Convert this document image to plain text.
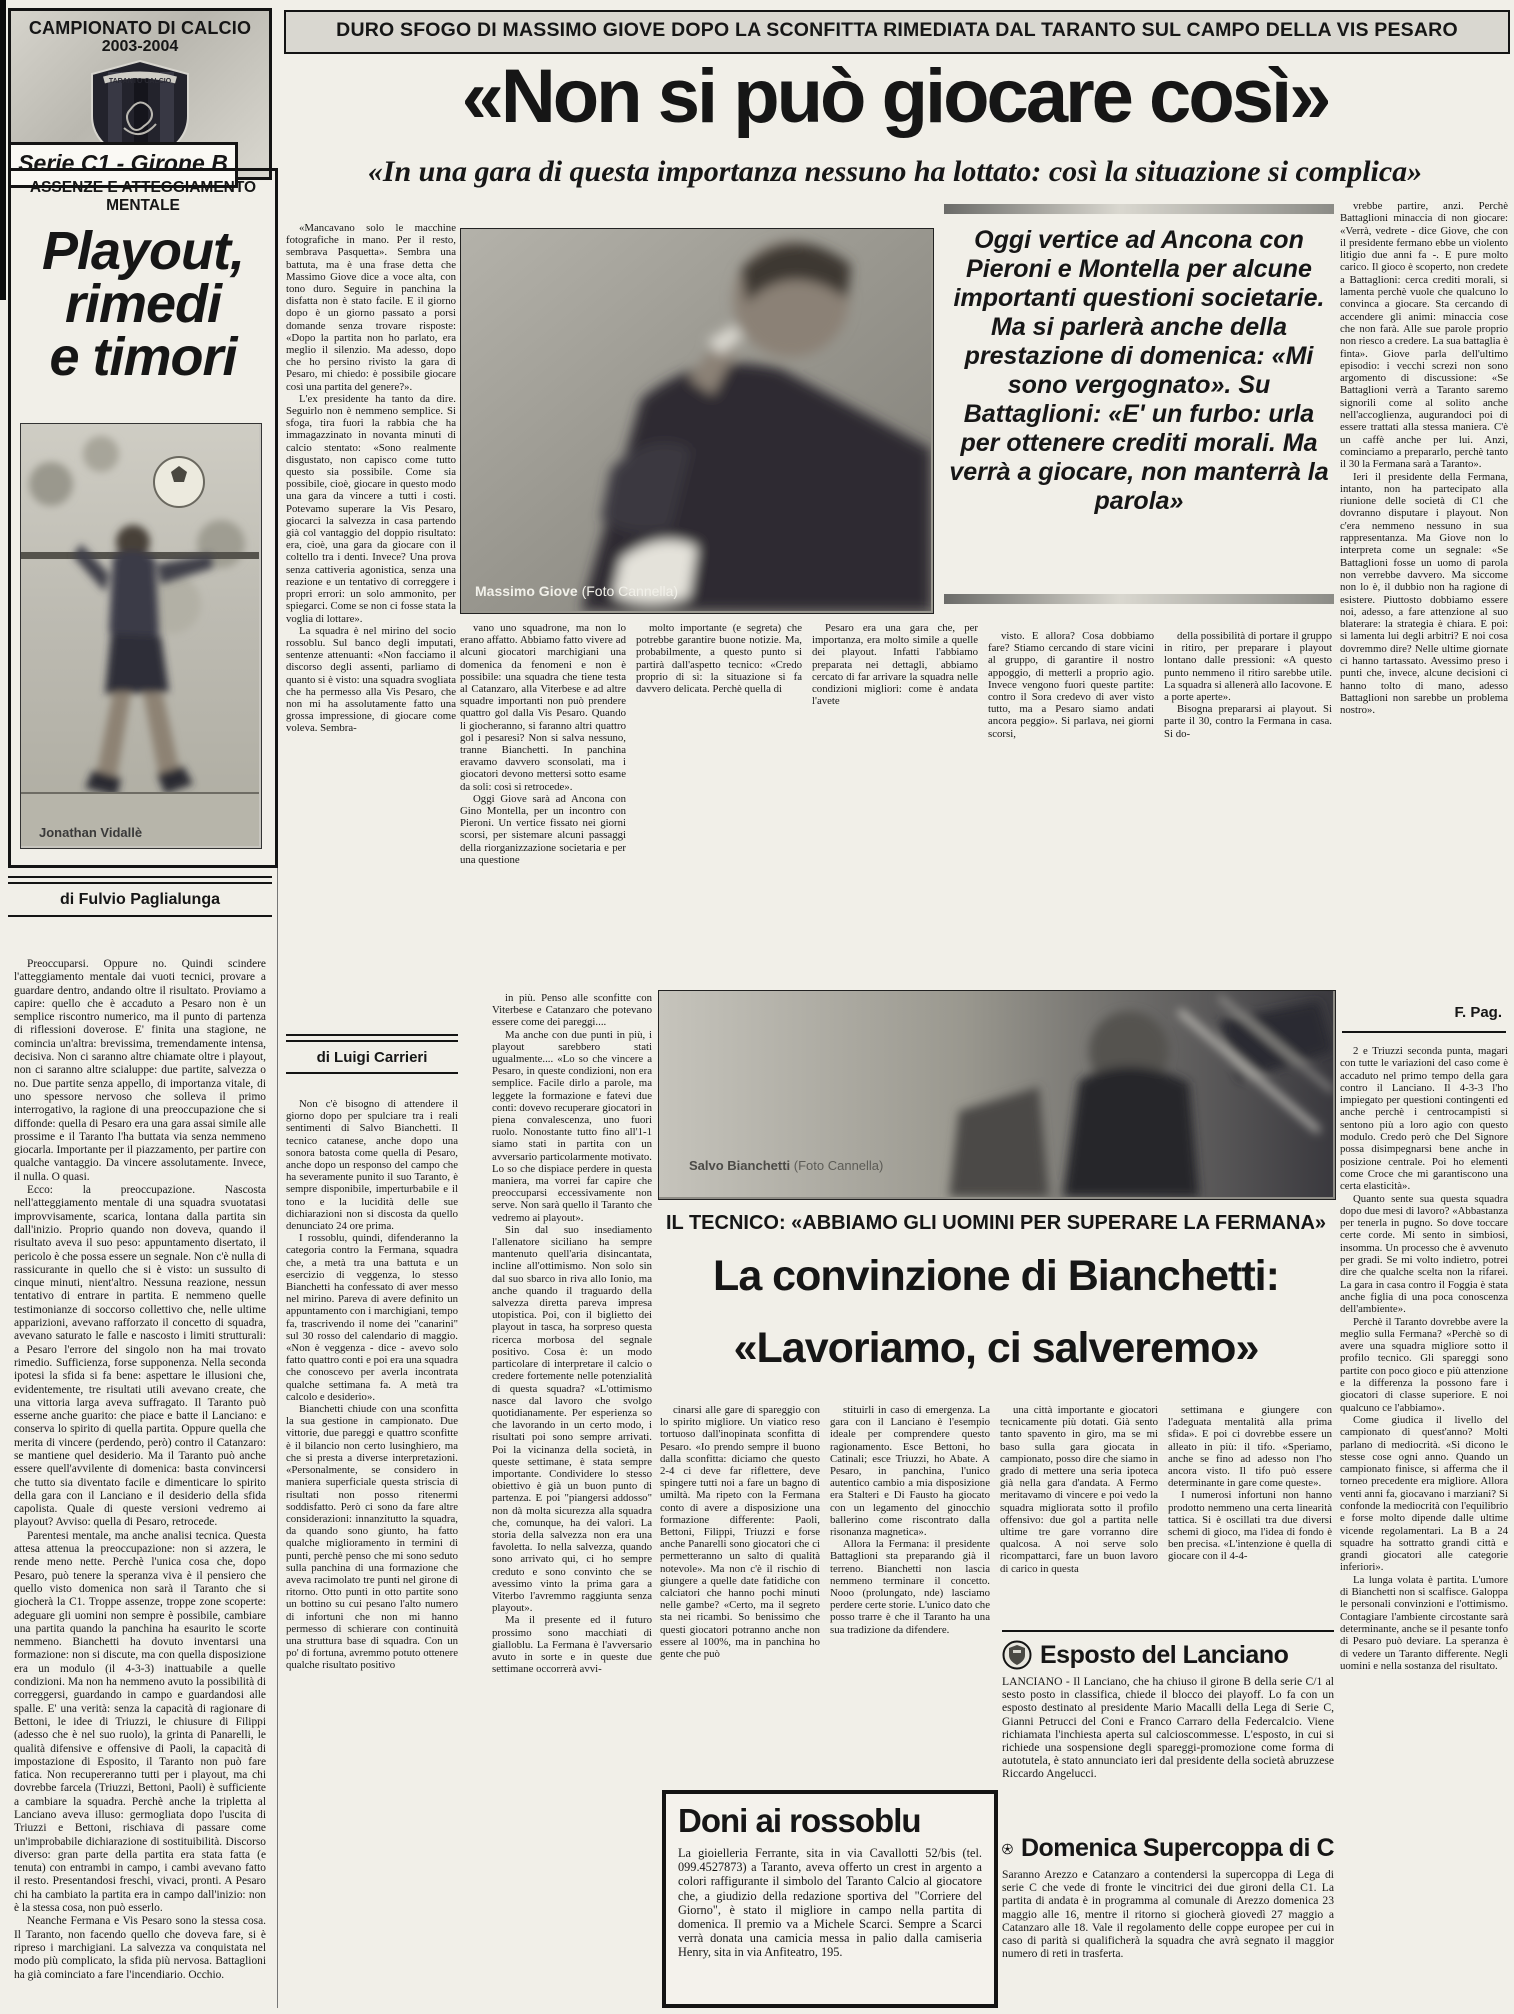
CAMPIONATO DI CALCIO
2003-2004
TARANTO CALCIO
Serie C1 - Girone B
DURO SFOGO DI MASSIMO GIOVE DOPO LA SCONFITTA RIMEDIATA DAL TARANTO SUL CAMPO DELLA VIS PESARO
«Non si può giocare così»
«In una gara di questa importanza nessuno ha lottato: così la situazione si complica»
ASSENZE E ATTEGGIAMENTO MENTALE

Playout,

rimedi

e timori

Jonathan Vidallè
di Fulvio Paglialunga

Preoccuparsi. Oppure no. Quindi scindere l'atteggiamento mentale dai vuoti tecnici, provare a guardare dentro, andando oltre il risultato. Proviamo a capire: quello che è accaduto a Pesaro non è un semplice riscontro numerico, ma il punto di partenza di riflessioni doverose. E' finita una stagione, ne comincia un'altra: brevissima, tremendamente intensa, decisiva. Non ci saranno altre chiamate oltre i playout, non ci saranno altre scialuppe: due partite, salvezza o no. Due partite senza appello, di importanza vitale, di uno spessore nervoso che solleva il primo interrogativo, la ragione di una preoccupazione che si diffonde: quella di Pesaro era una gara assai simile alle prossime e il Taranto l'ha buttata via senza nemmeno giocarla. Importante per il piazzamento, per partire con qualche vantaggio. Da vincere assolutamente. Invece, il nulla. O quasi.

Ecco: la preoccupazione. Nascosta nell'atteggiamento mentale di una squadra svuotatasi improvvisamente, scarica, lontana dalla partita sin dall'inizio. Proprio quando non doveva, quando il risultato aveva il suo peso: appuntamento disertato, il pericolo è che possa essere un segnale. Non c'è nulla di rassicurante in quello che si è visto: un sussulto di cinque minuti, nient'altro. Nessuna reazione, nessun tentativo di entrare in partita. E nemmeno quelle testimonianze di soccorso collettivo che, nelle ultime apparizioni, avevano rafforzato il concetto di squadra, avevano saturato le falle e nascosto i limiti strutturali: a Pesaro l'errore del singolo non ha mai trovato rimedio. Sufficienza, forse supponenza. Nella seconda ipotesi la sfida si fa bene: aspettare le illusioni che, evidentemente, tre risultati utili avevano create, che una vittoria larga aveva suffragato. Il Taranto può esserne anche guarito: che piace e batte il Lanciano: e conserva lo spirito di quella partita. Oppure quella che merita di vincere (perdendo, però) contro il Catanzaro: se mantiene quel desiderio. Ma il Taranto può anche essere quell'avvilente di domenica: basta convincersi che tutto sia diventato facile e dimenticare lo spirito della gara con il Lanciano e il desiderio della sfida capolista. Quale di queste versioni vedremo ai playout? Avviso: quella di Pesaro, retrocede.

Parentesi mentale, ma anche analisi tecnica. Questa attesa attenua la preoccupazione: non si azzera, le rende meno nette. Perchè l'unica cosa che, dopo Pesaro, può tenere la speranza viva è il pensiero che quello visto domenica non sarà il Taranto che si giocherà la C1. Troppe assenze, troppe zone scoperte: adeguare gli uomini non sempre è possibile, cambiare una partita quando la panchina ha esaurito le scorte nemmeno. Bianchetti ha dovuto inventarsi una formazione: non si discute, ma con quella disposizione era un modulo (il 4-3-3) inattuabile a quelle condizioni. Ma non ha nemmeno avuto la possibilità di correggersi, guardando in campo e guardandosi alle spalle. E' una verità: senza la capacità di ragionare di Bettoni, le idee di Triuzzi, le chiusure di Filippi (adesso che è nel suo ruolo), la grinta di Panarelli, le qualità difensive e offensive di Paoli, la capacità di impostazione di Esposito, il Taranto non può fare fatica. Non recupereranno tutti per i playout, ma chi dovrebbe farcela (Triuzzi, Bettoni, Paoli) è sufficiente a cambiare la squadra. Perchè anche la tripletta al Lanciano aveva illuso: germogliata dopo l'uscita di Triuzzi e Bettoni, rischiava di passare come un'improbabile dichiarazione di sostituibilità. Discorso diverso: gran parte della partita era stata fatta (e tenuta) con entrambi in campo, i cambi avevano fatto il resto. Presentandosi freschi, vivaci, pronti. A Pesaro chi ha cambiato la partita era in campo dall'inizio: non è la stessa cosa, non può esserlo.

Neanche Fermana e Vis Pesaro sono la stessa cosa. Il Taranto, non facendo quello che doveva fare, si è ripreso i marchigiani. La salvezza va conquistata nel modo più complicato, la sfida più nervosa. Battaglioni ha già cominciato a fare l'incendiario. Occhio.

«Mancavano solo le macchine fotografiche in mano. Per il resto, sembrava Pasquetta». Sembra una battuta, ma è una frase detta che Massimo Giove dice a voce alta, con tono duro. Seguire in panchina la disfatta non è stato facile. E il giorno dopo è un giorno passato a porsi domande senza trovare risposte: «Dopo la partita non ho parlato, era meglio il silenzio. Ma adesso, dopo che ho persino rivisto la gara di Pesaro, mi chiedo: è possibile giocare così una partita del genere?».

L'ex presidente ha tanto da dire. Seguirlo non è nemmeno semplice. Si sfoga, tira fuori la rabbia che ha immagazzinato in novanta minuti di calcio stentato: «Sono realmente disgustato, non capisco come tutto questo sia possibile. Come sia possibile, cioè, giocare in questo modo una gara da vincere a tutti i costi. Potevamo superare la Vis Pesaro, giocarci la salvezza in casa partendo già col vantaggio del doppio risultato: era, cioè, una gara da giocare con il coltello tra i denti. Invece? Una prova senza cattiveria agonistica, senza una reazione e un tentativo di correggere i propri errori: un solo ammonito, per spiegarci. Come se non ci fosse stata la voglia di lottare».

La squadra è nel mirino del socio rossoblu. Sul banco degli imputati, sentenze attenuanti: «Non facciamo il discorso degli assenti, parliamo di quanto si è visto: una squadra svogliata che ha permesso alla Vis Pesaro, che non mi ha assolutamente fatto una grossa impressione, di giocare come voleva. Sembra-

Massimo Giove (Foto Cannella)
Oggi vertice ad Ancona con Pieroni e Montella per alcune importanti questioni societarie. Ma si parlerà anche della prestazione di domenica: «Mi sono vergognato». Su Battaglioni: «E' un furbo: urla per ottenere crediti morali. Ma verrà a giocare, non manterrà la parola»

vano uno squadrone, ma non lo erano affatto. Abbiamo fatto vivere ad alcuni giocatori marchigiani una domenica da fenomeni e non è possibile: una squadra che tiene testa al Catanzaro, alla Viterbese e ad altre squadre importanti non può prendere quattro gol dalla Vis Pesaro. Quando li giocheranno, si faranno altri quattro gol i pesaresi? Non si salva nessuno, tranne Bianchetti. In panchina eravamo davvero sconsolati, ma i giocatori devono mettersi sotto esame da soli: così si retrocede».

Oggi Giove sarà ad Ancona con Gino Montella, per un incontro con Pieroni. Un vertice fissato nei giorni scorsi, per sistemare alcuni passaggi della riorganizzazione societaria e per una questione

molto importante (e segreta) che potrebbe garantire buone notizie. Ma, probabilmente, a questo punto si partirà dall'aspetto tecnico: «Credo proprio di sì: la situazione si fa davvero delicata. Perchè quella di

Pesaro era una gara che, per importanza, era molto simile a quelle dei playout. Infatti l'abbiamo preparata nei dettagli, abbiamo cercato di far arrivare la squadra nelle condizioni migliori: come è andata l'avete

visto. E allora? Cosa dobbiamo fare? Stiamo cercando di stare vicini al gruppo, di garantire il nostro appoggio, di metterli a proprio agio. Invece vengono fuori queste partite: contro il Sora credevo di aver visto tutto, ma a Pesaro siamo andati ancora peggio». Si parlava, nei giorni scorsi,

della possibilità di portare il gruppo in ritiro, per preparare i playout lontano dalle pressioni: «A questo punto nemmeno il ritiro sarebbe utile. La squadra si allenerà allo Iacovone. E a porte aperte».

Bisogna prepararsi ai playout. Si parte il 30, contro la Fermana in casa. Si do-

vrebbe partire, anzi. Perchè Battaglioni minaccia di non giocare: «Verrà, vedrete - dice Giove, che con il presidente fermano ebbe un violento litigio due anni fa -. E pure molto carico. Il gioco è scoperto, non credete a Battaglioni: cerca crediti morali, si lamenta perchè vuole che qualcuno lo convinca a giocare. Sta cercando di accendere gli animi: minaccia cose che non farà. Alle sue parole proprio non riesco a credere. La sua battaglia è finta». Giove parla dell'ultimo episodio: i vecchi screzi non sono argomento di discussione: «Se Battaglioni verrà a Taranto saremo signorili come al solito anche nell'accoglienza, augurandoci poi di essere trattati alla stessa maniera. C'è un caffè anche per lui. Anzi, cominciamo a prepararlo, perchè tanto il 30 la Fermana sarà a Taranto».

Ieri il presidente della Fermana, intanto, non ha partecipato alla riunione delle società di C1 che dovranno disputare i playout. Non c'era nemmeno nessuno in sua rappresentanza. Ma Giove non lo interpreta come un segnale: «Se Battaglioni fosse un uomo di parola non verrebbe davvero. Ma siccome non lo è, il dubbio non ha ragione di esistere. Piuttosto dobbiamo essere noi, adesso, a fare attenzione al suo blaterare: la strategia è chiara. E poi: si lamenta lui degli arbitri? E noi cosa dovremmo dire? Nelle ultime giornate ci hanno tartassato. Avessimo preso i punti che, invece, alcune decisioni ci hanno tolto di mano, adesso Battaglioni non sarebbe un problema nostro».

F. Pag.

2 e Triuzzi seconda punta, magari con tutte le variazioni del caso come è accaduto nel primo tempo della gara contro il Lanciano. Il 4-3-3 l'ho impiegato per questioni contingenti ed anche perchè i centrocampisti si sentono più a loro agio con questo modulo. Credo però che Del Signore possa disimpegnarsi bene anche in posizione centrale. Poi ho elementi come Croce che mi garantiscono una certa elasticità».

Quanto sente sua questa squadra dopo due mesi di lavoro? «Abbastanza per tenerla in pugno. So dove toccare certe corde. Mi sento in simbiosi, insomma. Un processo che è avvenuto per gradi. Se mi volto indietro, potrei dire che qualche scelta non la rifarei. La gara in casa contro il Foggia è stata anche figlia di una poca conoscenza dell'ambiente».

Perchè il Taranto dovrebbe avere la meglio sulla Fermana? «Perchè so di avere una squadra migliore sotto il profilo tecnico. Gli spareggi sono partite con poco gioco e più attenzione e la differenza la possono fare i giocatori di classe superiore. E noi qualcuno ce l'abbiamo».

Come giudica il livello del campionato di quest'anno? Molti parlano di mediocrità. «Si dicono le stesse cose ogni anno. Quando un campionato finisce, si afferma che il torneo precedente era migliore. Allora venti anni fa, giocavano i marziani? Si confonde la mediocrità con l'equilibrio e forse molto dipende dalle ultime vicende regolamentari. La B a 24 squadre ha sottratto grandi città e grandi giocatori alle categorie inferiori».

La lunga volata è partita. L'umore di Bianchetti non si scalfisce. Galoppa le personali convinzioni e l'ottimismo. Contagiare l'ambiente circostante sarà determinante, anche se il pesante tonfo di Pesaro può deviare. La speranza è di vedere un Taranto differente. Negli uomini e nella sostanza del risultato.

di Luigi Carrieri

Non c'è bisogno di attendere il giorno dopo per spulciare tra i reali sentimenti di Salvo Bianchetti. Il tecnico catanese, anche dopo una sonora batosta come quella di Pesaro, anche dopo un responso del campo che ha severamente punito il suo Taranto, è sempre disponibile, imperturbabile e il tono e la lucidità delle sue dichiarazioni non si discosta da quello denunciato 24 ore prima.

I rossoblu, quindi, difenderanno la categoria contro la Fermana, squadra che, a metà tra una battuta e un esercizio di veggenza, lo stesso Bianchetti ha confessato di aver messo nel mirino. Pareva di avere definito un appuntamento con i marchigiani, tempo fa, trascrivendo il nome dei "canarini" sul 30 rosso del calendario di maggio. «Non è veggenza - dice - avevo solo fatto quattro conti e poi era una squadra che conoscevo per averla incontrata qualche settimana fa. A metà tra calcolo e desiderio».

Bianchetti chiude con una sconfitta la sua gestione in campionato. Due vittorie, due pareggi e quattro sconfitte è il bilancio non certo lusinghiero, ma che si presta a diverse interpretazioni. «Personalmente, se considero in maniera superficiale questa striscia di risultati non posso ritenermi soddisfatto. Però ci sono da fare altre considerazioni: innanzitutto la squadra, da quando sono giunto, ha fatto qualche miglioramento in termini di punti, perchè penso che mi sono seduto sulla panchina di una formazione che aveva racimolato tre punti nel girone di ritorno. Otto punti in otto partite sono un bottino su cui pesano l'alto numero di infortuni che non mi hanno permesso di schierare con continuità una struttura base di squadra. Con un po' di fortuna, avremmo potuto ottenere qualche risultato positivo

in più. Penso alle sconfitte con Viterbese e Catanzaro che potevano essere come dei pareggi....

Ma anche con due punti in più, i playout sarebbero stati ugualmente.... «Lo so che vincere a Pesaro, in queste condizioni, non era semplice. Facile dirlo a parole, ma leggete la formazione e fatevi due conti: dovevo recuperare giocatori in piena convalescenza, uno fuori ruolo. Nonostante tutto fino all'1-1 siamo stati in partita con un avversario particolarmente motivato. Lo so che dispiace perdere in questa maniera, ma vorrei far capire che preoccuparsi eccessivamente non serve. Non sarà quello il Taranto che vedremo ai playout».

Sin dal suo insediamento l'allenatore siciliano ha sempre mantenuto quell'aria disincantata, incline all'ottimismo. Non solo sin dal suo sbarco in riva allo Ionio, ma anche quando il traguardo della salvezza diretta pareva impresa utopistica. Poi, con il biglietto dei playout in tasca, ha sorpreso questa ricerca morbosa del segnale positivo. Cosa è: un modo particolare di interpretare il calcio o credere fortemente nelle potenzialità di questa squadra? «L'ottimismo nasce dal lavoro che svolgo quotidianamente. Per esperienza so che lavorando in un certo modo, i risultati poi sono sempre arrivati. Poi la vicinanza della società, in queste settimane, è stata sempre importante. Condividere lo stesso obiettivo è già un buon punto di partenza. E poi "piangersi addosso" non dà molta sicurezza alla squadra che, comunque, ha dei valori. La storia della salvezza non era una favoletta. Io nella salvezza, quando sono arrivato qui, ci ho sempre creduto e sono convinto che se avessimo vinto la prima gara a Viterbo l'avremmo raggiunta senza playout».

Ma il presente ed il futuro prossimo sono macchiati di gialloblu. La Fermana è l'avversario avuto in sorte e in queste due settimane occorrerà avvi-

Salvo Bianchetti (Foto Cannella)
IL TECNICO: «ABBIAMO GLI UOMINI PER SUPERARE LA FERMANA»

La convinzione di Bianchetti:

«Lavoriamo, ci salveremo»

cinarsi alle gare di spareggio con lo spirito migliore. Un viatico reso tortuoso dall'inopinata sconfitta di Pesaro. «Io prendo sempre il buono dalla sconfitta: diciamo che questo 2-4 ci deve far riflettere, deve spingere tutti noi a fare un bagno di umiltà. Ma ripeto con la Fermana conto di avere a disposizione una formazione differente: Paoli, Bettoni, Filippi, Triuzzi e forse anche Panarelli sono giocatori che ci permetteranno un salto di qualità notevole». Ma non c'è il rischio di giungere a quelle date fatidiche con calciatori che hanno pochi minuti nelle gambe? «Certo, ma il segreto sta nei ricambi. So benissimo che questi giocatori potranno anche non essere al 100%, ma in panchina ho gente che può

stituirli in caso di emergenza. La gara con il Lanciano è l'esempio ideale per comprendere questo ragionamento. Esce Bettoni, ho Catinali; esce Triuzzi, ho Abate. A Pesaro, in panchina, l'unico autentico cambio a mia disposizione era Stalteri e Di Fausto ha giocato con un legamento del ginocchio ballerino come riscontrato dalla risonanza magnetica».

Allora la Fermana: il presidente Battaglioni sta preparando già il terreno. Bianchetti non lascia nemmeno terminare il concetto. Nooo (prolungato, nde) lasciamo perdere certe storie. L'unico dato che posso trarre è che il Taranto ha una sua tradizione da difendere.

una città importante e giocatori tecnicamente più dotati. Già sento tanto spavento in giro, ma se mi baso sulla gara giocata in campionato, posso dire che siamo in grado di mettere una seria ipoteca già nella gara d'andata. A Fermo meritavamo di vincere e poi vedo la squadra migliorata sotto il profilo offensivo: due gol a partita nelle ultime tre gare vorranno dire qualcosa. A noi serve solo ricompattarci, fare un buon lavoro di carico in questa

settimana e giungere con l'adeguata mentalità alla prima sfida». E poi ci dovrebbe essere un alleato in più: il tifo. «Speriamo, anche se fino ad adesso non l'ho ancora visto. Il tifo può essere determinante in gare come queste».

I numerosi infortuni non hanno prodotto nemmeno una certa linearità tattica. Si è oscillati tra due diversi schemi di gioco, ma l'idea di fondo è ben precisa. «L'intenzione è quella di giocare con il 4-4-

Doni ai rossoblu
La gioielleria Ferrante, sita in via Cavallotti 52/bis (tel. 099.4527873) a Taranto, aveva offerto un crest in argento a colori raffigurante il simbolo del Taranto Calcio al giocatore che, a giudizio della redazione sportiva del "Corriere del Giorno", è stato il migliore in campo nella partita di domenica. Il premio va a Michele Scarci. Sempre a Scarci verrà donata una camicia messa in palio dalla camiseria Henry, sita in via Anfiteatro, 195.
Esposto del Lanciano
LANCIANO - Il Lanciano, che ha chiuso il girone B della serie C/1 al sesto posto in classifica, chiede il blocco dei playoff. Lo fa con un esposto destinato al presidente Mario Macalli della Lega di Serie C, Gianni Petrucci del Coni e Franco Carraro della Federcalcio. Viene richiamata l'inchiesta aperta sul calcioscommesse. L'esposto, in cui si richiede una sospensione degli spareggi-promozione come forma di autotutela, è stato annunciato ieri dal presidente della società abruzzese Riccardo Angelucci.
Domenica Supercoppa di C
Saranno Arezzo e Catanzaro a contendersi la supercoppa di Lega di serie C che vede di fronte le vincitrici dei due gironi della C1. La partita di andata è in programma al comunale di Arezzo domenica 23 maggio alle 16, mentre il ritorno si giocherà giovedì 27 maggio a Catanzaro alle 18. Vale il regolamento delle coppe europee per cui in caso di parità si qualificherà la squadra che avrà segnato il maggior numero di reti in trasferta.
